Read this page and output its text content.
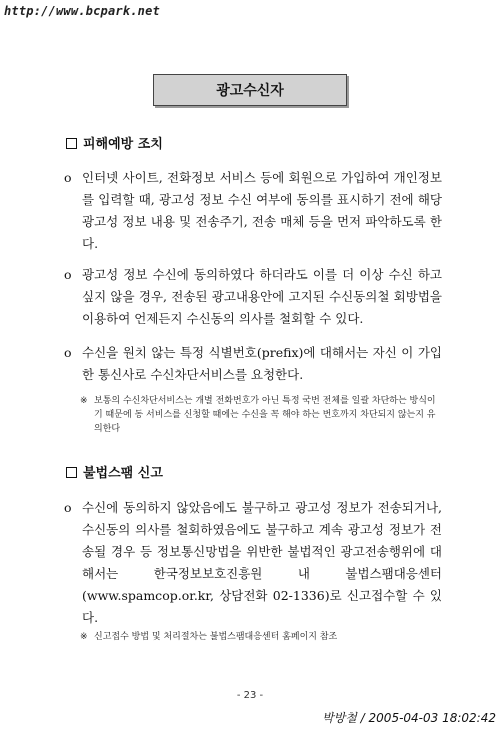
http://www.bcpark.net
광고수신자
피해예방 조치
o 인터넷 사이트, 전화정보 서비스 등에 회원으로 가입하여 개인정보를 입력할 때, 광고성 정보 수신 여부에 동의를 표시하기 전에 해당 광고성 정보 내용 및 전송주기, 전송 매체 등을 먼저 파악하도록 한다.
o 광고성 정보 수신에 동의하였다 하더라도 이를 더 이상 수신 하고 싶지 않을 경우, 전송된 광고내용안에 고지된 수신동의철 회방법을 이용하여 언제든지 수신동의 의사를 철회할 수 있다.
o 수신을 원치 않는 특정 식별번호(prefix)에 대해서는 자신 이 가입한 통신사로 수신차단서비스를 요청한다.
※ 보통의 수신차단서비스는 개별 전화번호가 아닌 특정 국번 전체를 일괄 차단하는 방식이기 때문에 동 서비스를 신청할 때에는 수신을 꼭 해야 하는 번호까지 차단되지 않는지 유의한다
불법스팸 신고
o 수신에 동의하지 않았음에도 불구하고 광고성 정보가 전송되거나, 수신동의 의사를 철회하였음에도 불구하고 계속 광고성 정보가 전송될 경우 등 정보통신망법을 위반한 불법적인 광고전송행위에 대해서는 한국정보보호진흥원 내 불법스팸대응센터(www.spamcop.or.kr, 상담전화 02-1336)로 신고접수할 수 있다.
※ 신고접수 방법 및 처리절차는 불법스팸대응센터 홈페이지 참조
- 23 -
박방철 / 2005-04-03 18:02:42
